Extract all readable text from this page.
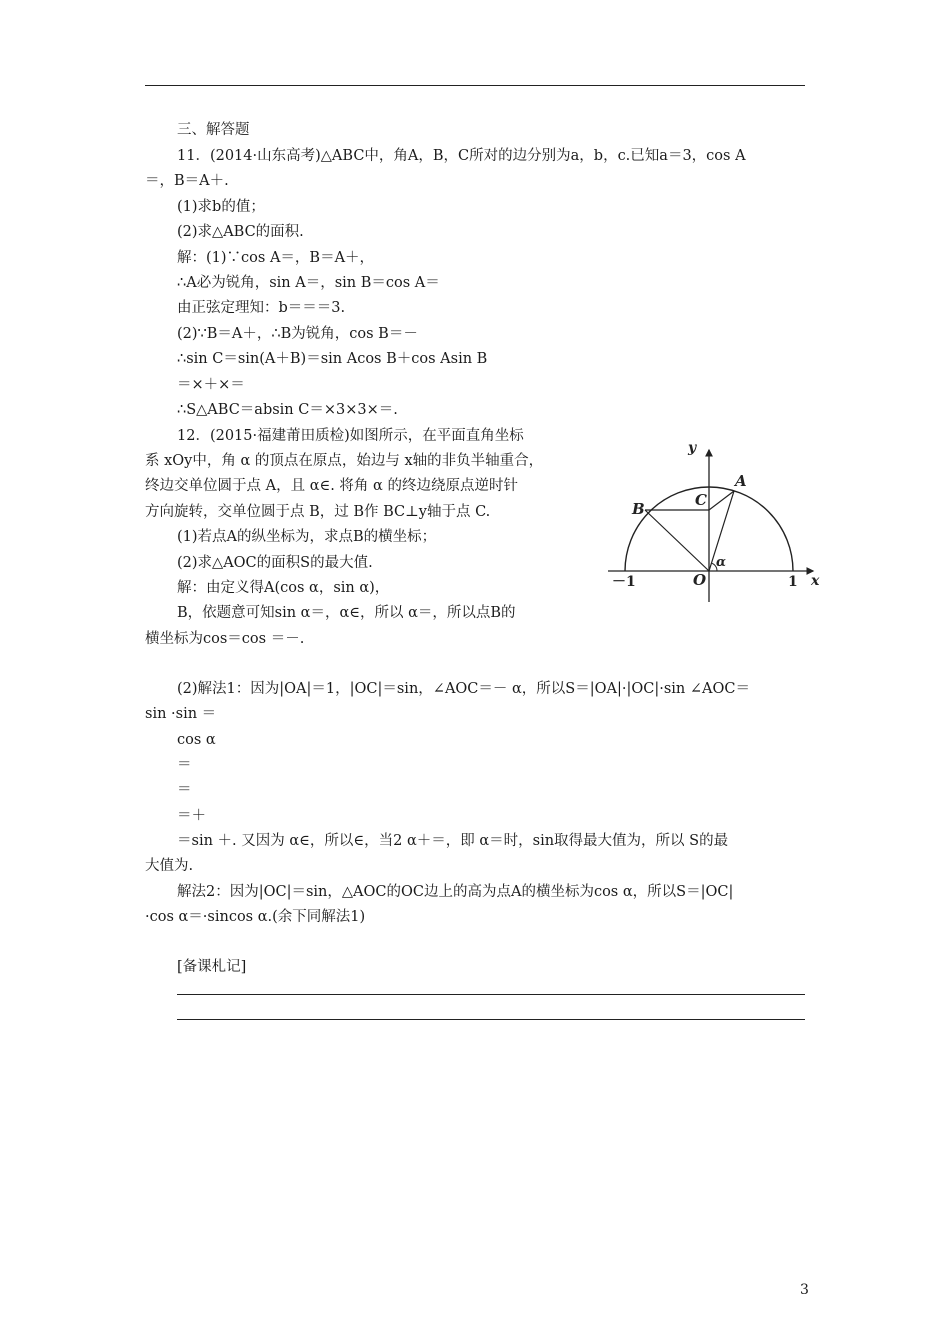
三、解答题
11．(2014·山东高考)△ABC中，角A，B，C所对的边分别为a，b，c.已知a＝3，cos A
＝，B＝A＋.
(1)求b的值；
(2)求△ABC的面积.
解：(1)∵cos A＝，B＝A＋，
∴A必为锐角，sin A＝，sin B＝cos A＝
由正弦定理知：b＝＝＝3.
(2)∵B＝A＋，∴B为锐角，cos B＝－
∴sin C＝sin(A＋B)＝sin Acos B＋cos Asin B
＝×＋×＝
∴S△ABC＝absin C＝×3×3×＝.
12．(2015·福建莆田质检)如图所示，在平面直角坐标
系 xOy中，角 α 的顶点在原点，始边与 x轴的非负半轴重合，
终边交单位圆于点 A，且 α∈. 将角 α 的终边绕原点逆时针
方向旋转，交单位圆于点 B，过 B作 BC⊥y轴于点 C.
(1)若点A的纵坐标为，求点B的横坐标；
(2)求△AOC的面积S的最大值.
解：由定义得A(cos α，sin α)，
B，依题意可知sin α＝，α∈，所以 α＝，所以点B的
横坐标为cos＝cos ＝－.
(2)解法1：因为|OA|＝1，|OC|＝sin，∠AOC＝－ α，所以S＝|OA|·|OC|·sin ∠AOC＝
sin ·sin ＝
cos α
＝
＝
＝＋
＝sin ＋. 又因为 α∈，所以∈，当2 α＋＝，即 α＝时，sin取得最大值为，所以 S的最
大值为.
解法2：因为|OC|＝sin，△AOC的OC边上的高为点A的横坐标为cos α，所以S＝|OC|
·cos α＝·sincos α.(余下同解法1)
[备课札记]
y
x
A
B	C
O
α
－1	1
3
